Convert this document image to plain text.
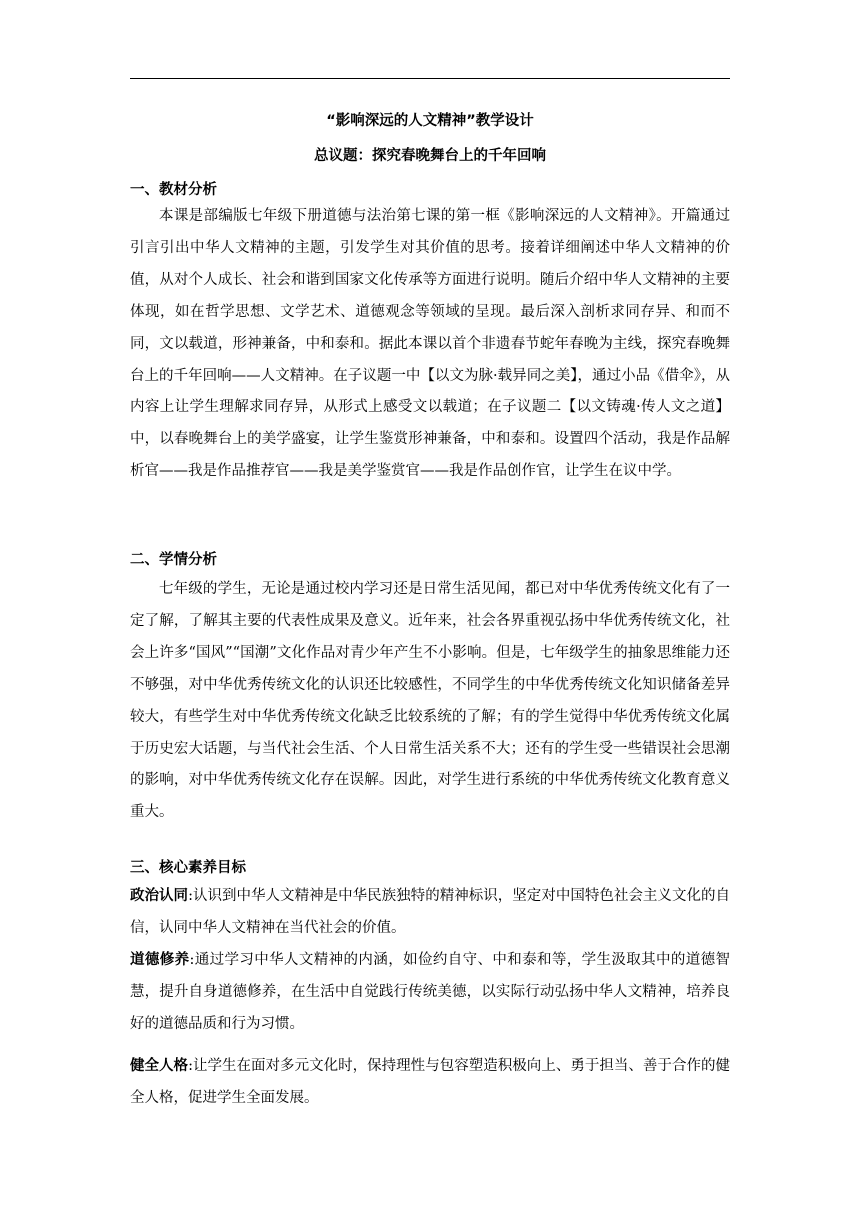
“影响深远的人文精神”教学设计
总议题：探究春晚舞台上的千年回响
一、教材分析

本课是部编版七年级下册道德与法治第七课的第一框《影响深远的人文精神》。开篇通过引言引出中华人文精神的主题，引发学生对其价值的思考。接着详细阐述中华人文精神的价值，从对个人成长、社会和谐到国家文化传承等方面进行说明。随后介绍中华人文精神的主要体现，如在哲学思想、文学艺术、道德观念等领域的呈现。最后深入剖析求同存异、和而不同，文以载道，形神兼备，中和泰和。据此本课以首个非遗春节蛇年春晚为主线，探究春晚舞台上的千年回响——人文精神。在子议题一中【以文为脉·载异同之美】，通过小品《借伞》，从内容上让学生理解求同存异，从形式上感受文以载道；在子议题二【以文铸魂·传人文之道】中，以春晚舞台上的美学盛宴，让学生鉴赏形神兼备，中和泰和。设置四个活动，我是作品解析官——我是作品推荐官——我是美学鉴赏官——我是作品创作官，让学生在议中学。

二、学情分析

七年级的学生，无论是通过校内学习还是日常生活见闻，都已对中华优秀传统文化有了一定了解，了解其主要的代表性成果及意义。近年来，社会各界重视弘扬中华优秀传统文化，社会上许多“国风”“国潮”文化作品对青少年产生不小影响。但是，七年级学生的抽象思维能力还不够强，对中华优秀传统文化的认识还比较感性，不同学生的中华优秀传统文化知识储备差异较大，有些学生对中华优秀传统文化缺乏比较系统的了解；有的学生觉得中华优秀传统文化属于历史宏大话题，与当代社会生活、个人日常生活关系不大；还有的学生受一些错误社会思潮的影响，对中华优秀传统文化存在误解。因此，对学生进行系统的中华优秀传统文化教育意义重大。

三、核心素养目标

政治认同:认识到中华人文精神是中华民族独特的精神标识，坚定对中国特色社会主义文化的自信，认同中华人文精神在当代社会的价值。

道德修养:通过学习中华人文精神的内涵，如俭约自守、中和泰和等，学生汲取其中的道德智慧，提升自身道德修养，在生活中自觉践行传统美德，以实际行动弘扬中华人文精神，培养良好的道德品质和行为习惯。

健全人格:让学生在面对多元文化时，保持理性与包容塑造积极向上、勇于担当、善于合作的健全人格，促进学生全面发展。
